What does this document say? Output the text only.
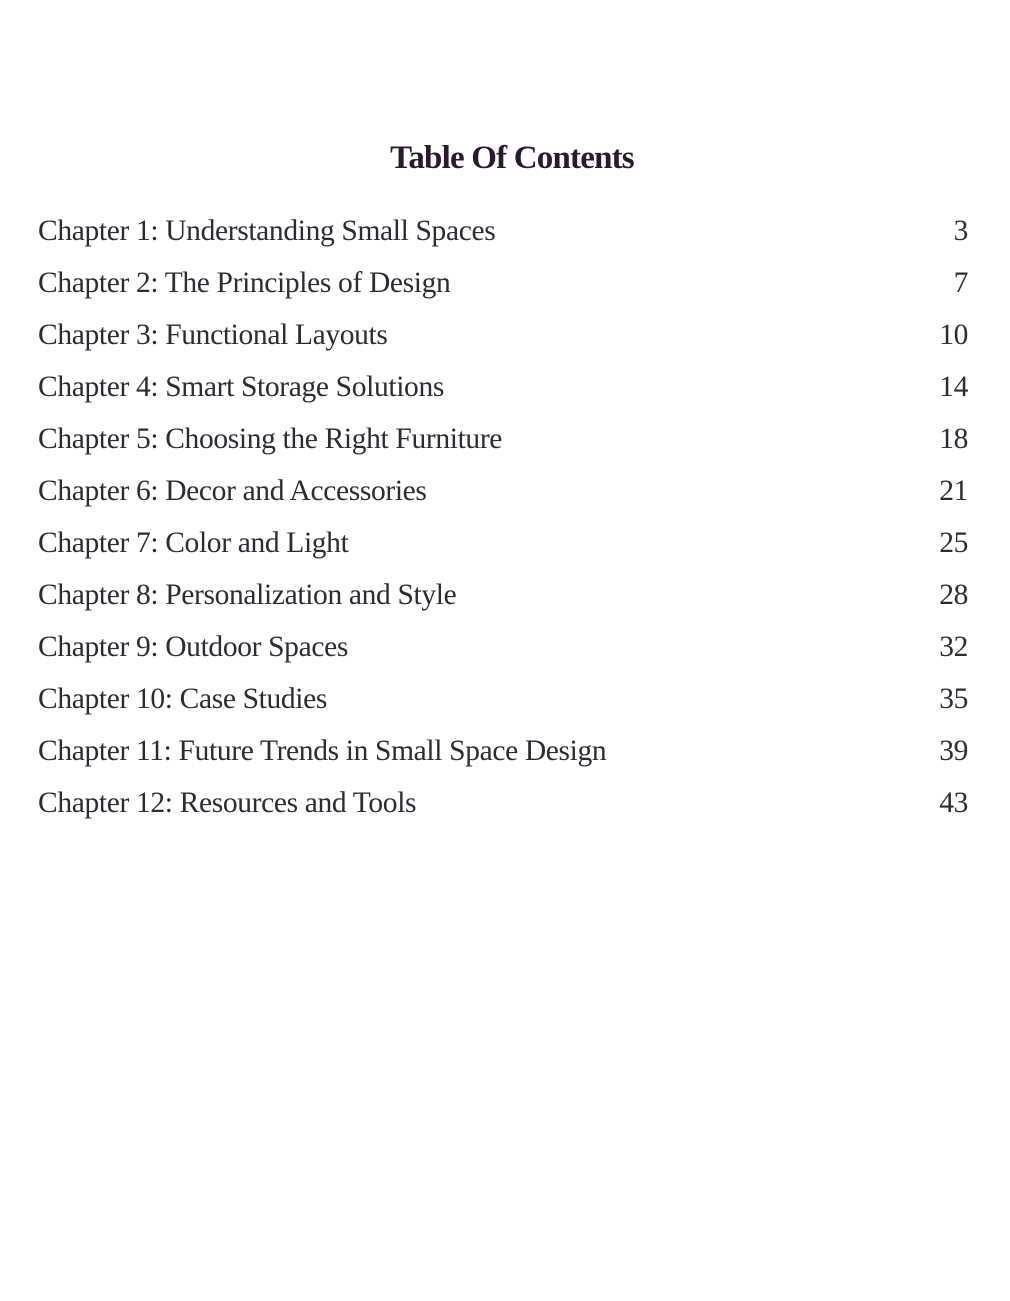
Table Of Contents
Chapter 1: Understanding Small Spaces	3
Chapter 2: The Principles of Design	7
Chapter 3: Functional Layouts	10
Chapter 4: Smart Storage Solutions	14
Chapter 5: Choosing the Right Furniture	18
Chapter 6: Decor and Accessories	21
Chapter 7: Color and Light	25
Chapter 8: Personalization and Style	28
Chapter 9: Outdoor Spaces	32
Chapter 10: Case Studies	35
Chapter 11: Future Trends in Small Space Design	39
Chapter 12: Resources and Tools	43
